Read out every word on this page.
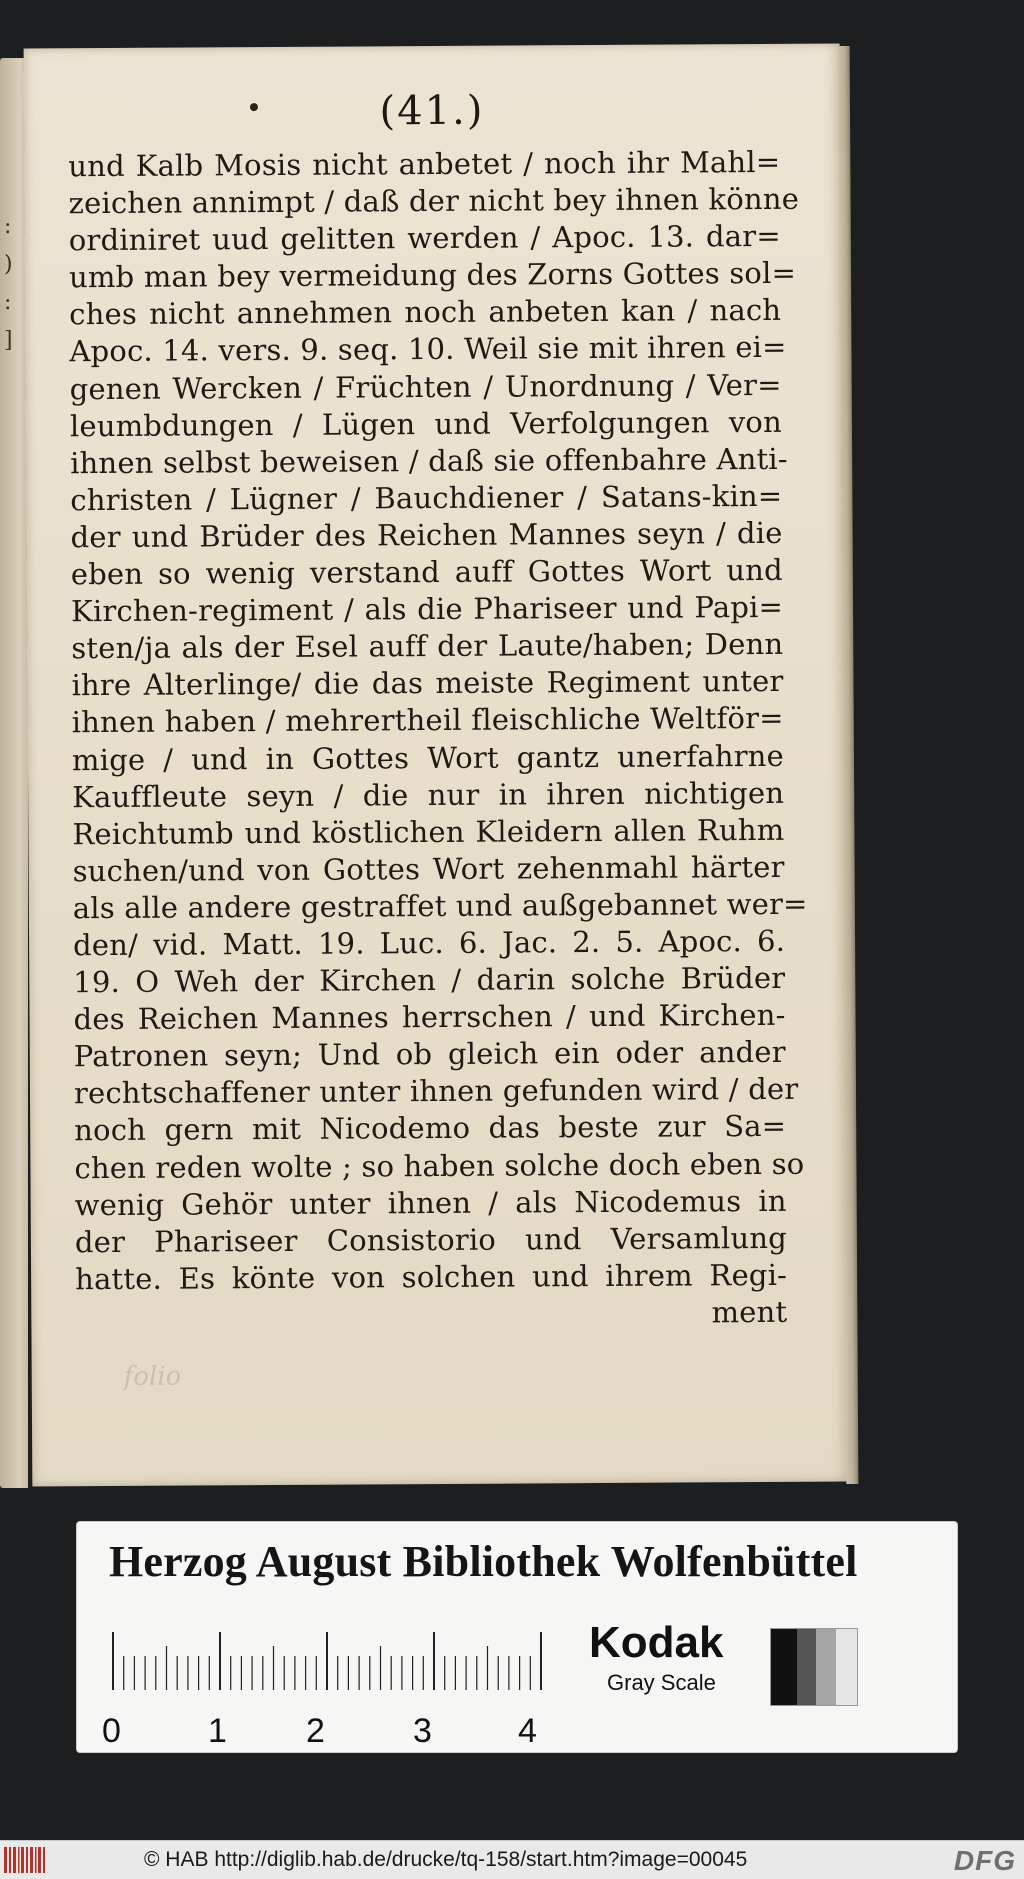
:
)
:
]
(41.)
und Kalb Mosis nicht anbetet / noch ihr Mahl=
zeichen annimpt / daß der nicht bey ihnen könne
ordiniret uud gelitten werden / Apoc. 13. dar=
umb man bey vermeidung des Zorns Gottes sol=
ches nicht annehmen noch anbeten kan / nach
Apoc. 14. vers. 9. seq. 10. Weil sie mit ihren ei=
genen Wercken / Früchten / Unordnung / Ver=
leumbdungen / Lügen und Verfolgungen von
ihnen selbst beweisen / daß sie offenbahre Anti-
christen / Lügner / Bauchdiener / Satans-kin=
der und Brüder des Reichen Mannes seyn / die
eben so wenig verstand auff Gottes Wort und
Kirchen-regiment / als die Phariseer und Papi=
sten/ja als der Esel auff der Laute/haben; Denn
ihre Alterlinge/ die das meiste Regiment unter
ihnen haben / mehrertheil fleischliche Weltför=
mige / und in Gottes Wort gantz unerfahrne
Kauffleute seyn / die nur in ihren nichtigen
Reichtumb und köstlichen Kleidern allen Ruhm
suchen/und von Gottes Wort zehenmahl härter
als alle andere gestraffet und außgebannet wer=
den/ vid. Matt. 19. Luc. 6. Jac. 2. 5. Apoc. 6.
19. O Weh der Kirchen / darin solche Brüder
des Reichen Mannes herrschen / und Kirchen-
Patronen seyn; Und ob gleich ein oder ander
rechtschaffener unter ihnen gefunden wird / der
noch gern mit Nicodemo das beste zur Sa=
chen reden wolte ; so haben solche doch eben so
wenig Gehör unter ihnen / als Nicodemus in
der Phariseer Consistorio und Versamlung
hatte. Es könte von solchen und ihrem Regi-
ment
folio
Herzog August Bibliothek Wolfenbüttel
0	1 2	3	4
Kodak
Gray Scale
© HAB http://diglib.hab.de/drucke/tq-158/start.htm?image=00045	DFG
